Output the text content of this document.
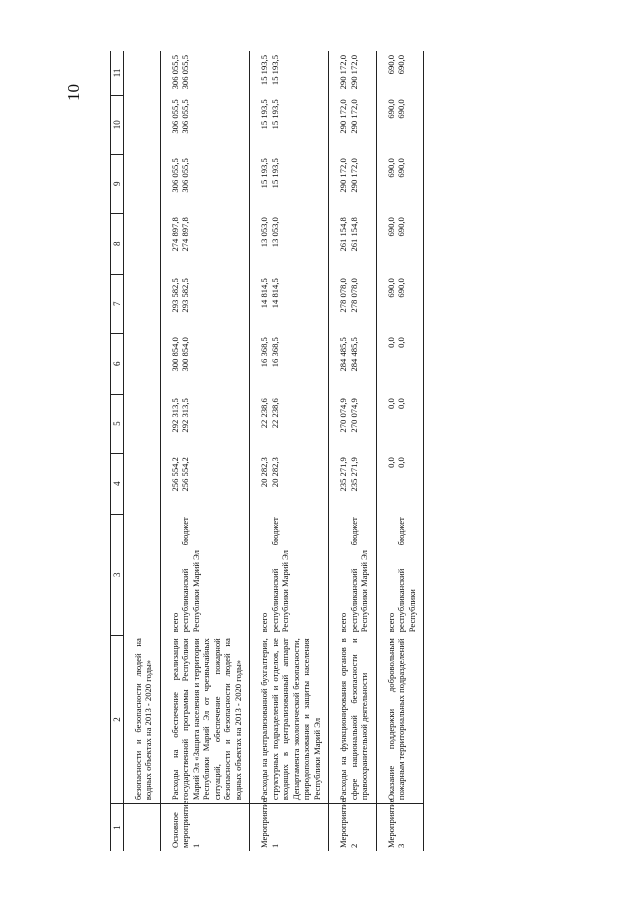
10
1	2	3	4	5	6	7	8	9	10	11
	безопасности и безопасности людей на водных объектах на 2013 - 2020 годы»									
Основное мероприятие 1	Расходы на обеспечение реализации государственной программы Республики Марий Эл «Защита населения и территории Республики Марий Эл от чрезвычайных ситуаций, обеспечение пожарной безопасности и безопасности людей на водных объектах на 2013 - 2020 годы»	всего республиканский бюджет Республики Марий Эл	256 554,2 256 554,2	292 313,5 292 313,5	300 854,0 300 854,0	293 582,5 293 582,5	274 897,8 274 897,8	306 055,5 306 055,5	306 055,5 306 055,5	306 055,5 306 055,5

Мероприятие 1	Расходы на централизованной бухгалтерии, структурных подразделений и отделов, не входящих в централизованный аппарат Департамента экологической безопасности, природопользования и защиты населения Республики Марий Эл	всего республиканский бюджет Республики Марий Эл	20 282,3 20 282,3	22 238,6 22 238,6	16 368,5 16 368,5	14 814,5 14 814,5	13 053,0 13 053,0	15 193,5 15 193,5	15 193,5 15 193,5	15 193,5 15 193,5

Мероприятие 2	Расходы на функционирования органов в сфере национальной безопасности и правоохранительной деятельности	всего республиканский бюджет Республики Марий Эл	235 271,9 235 271,9	270 074,9 270 074,9	284 485,5 284 485,5	278 078,0 278 078,0	261 154,8 261 154,8	290 172,0 290 172,0	290 172,0 290 172,0	290 172,0 290 172,0

Мероприятие 3	Оказание поддержки добровольным пожарным территориальных подразделений	всего республиканский бюджет Республики	0,0 0,0	0,0 0,0	0,0 0,0	690,0 690,0	690,0 690,0	690,0 690,0	690,0 690,0	690,0 690,0
